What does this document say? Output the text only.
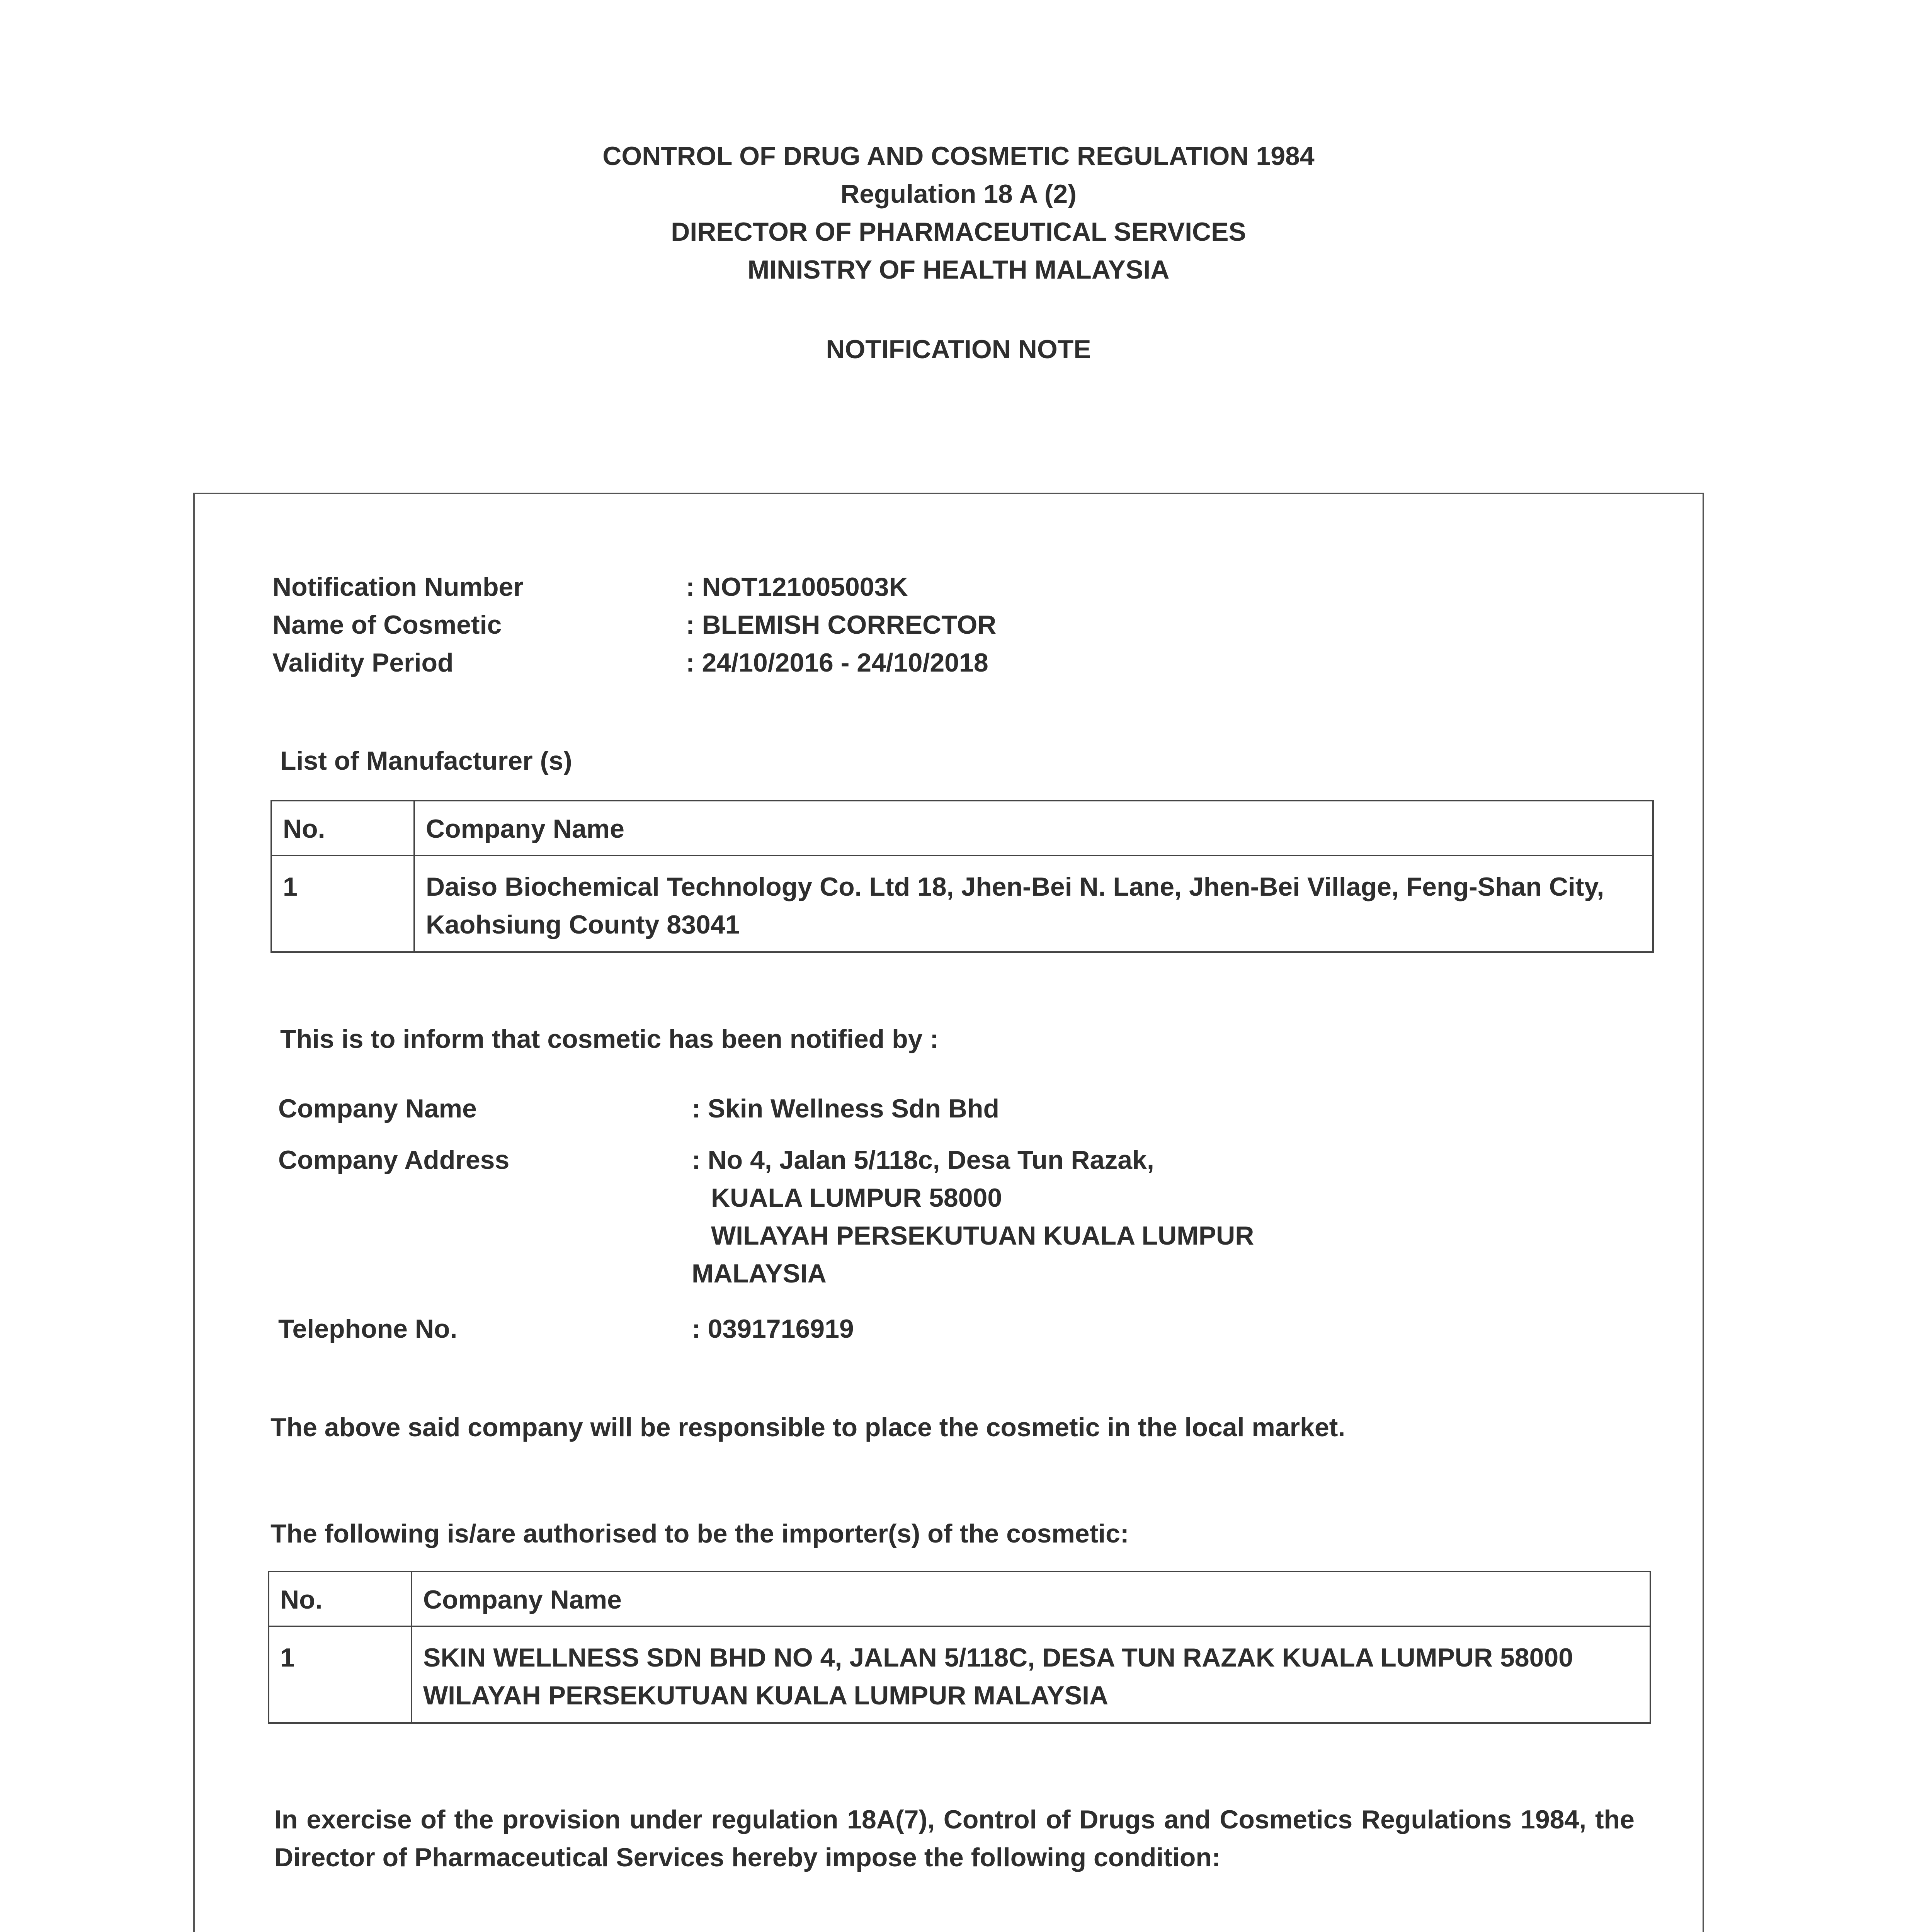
CONTROL OF DRUG AND COSMETIC REGULATION 1984
Regulation 18 A (2)
DIRECTOR OF PHARMACEUTICAL SERVICES
MINISTRY OF HEALTH MALAYSIA
NOTIFICATION NOTE
Notification Number	: NOT121005003K
Name of Cosmetic	: BLEMISH CORRECTOR
Validity Period	: 24/10/2016 - 24/10/2018
List of Manufacturer (s)
No.	Company Name
1	Daiso Biochemical Technology Co. Ltd 18, Jhen-Bei N. Lane, Jhen-Bei Village, Feng-Shan City, Kaohsiung County 83041
This is to inform that cosmetic has been notified by :
Company Name	: Skin Wellness Sdn Bhd
Company Address	: No 4, Jalan 5/118c, Desa Tun Razak,
KUALA LUMPUR 58000
WILAYAH PERSEKUTUAN KUALA LUMPUR
MALAYSIA
Telephone No.	: 0391716919
The above said company will be responsible to place the cosmetic in the local market.
The following is/are authorised to be the importer(s) of the cosmetic:
No.	Company Name
1	SKIN WELLNESS SDN BHD NO 4, JALAN 5/118C, DESA TUN RAZAK KUALA LUMPUR 58000 WILAYAH PERSEKUTUAN KUALA LUMPUR MALAYSIA
In exercise of the provision under regulation 18A(7), Control of Drugs and Cosmetics Regulations 1984, the Director of Pharmaceutical Services hereby impose the following condition:
